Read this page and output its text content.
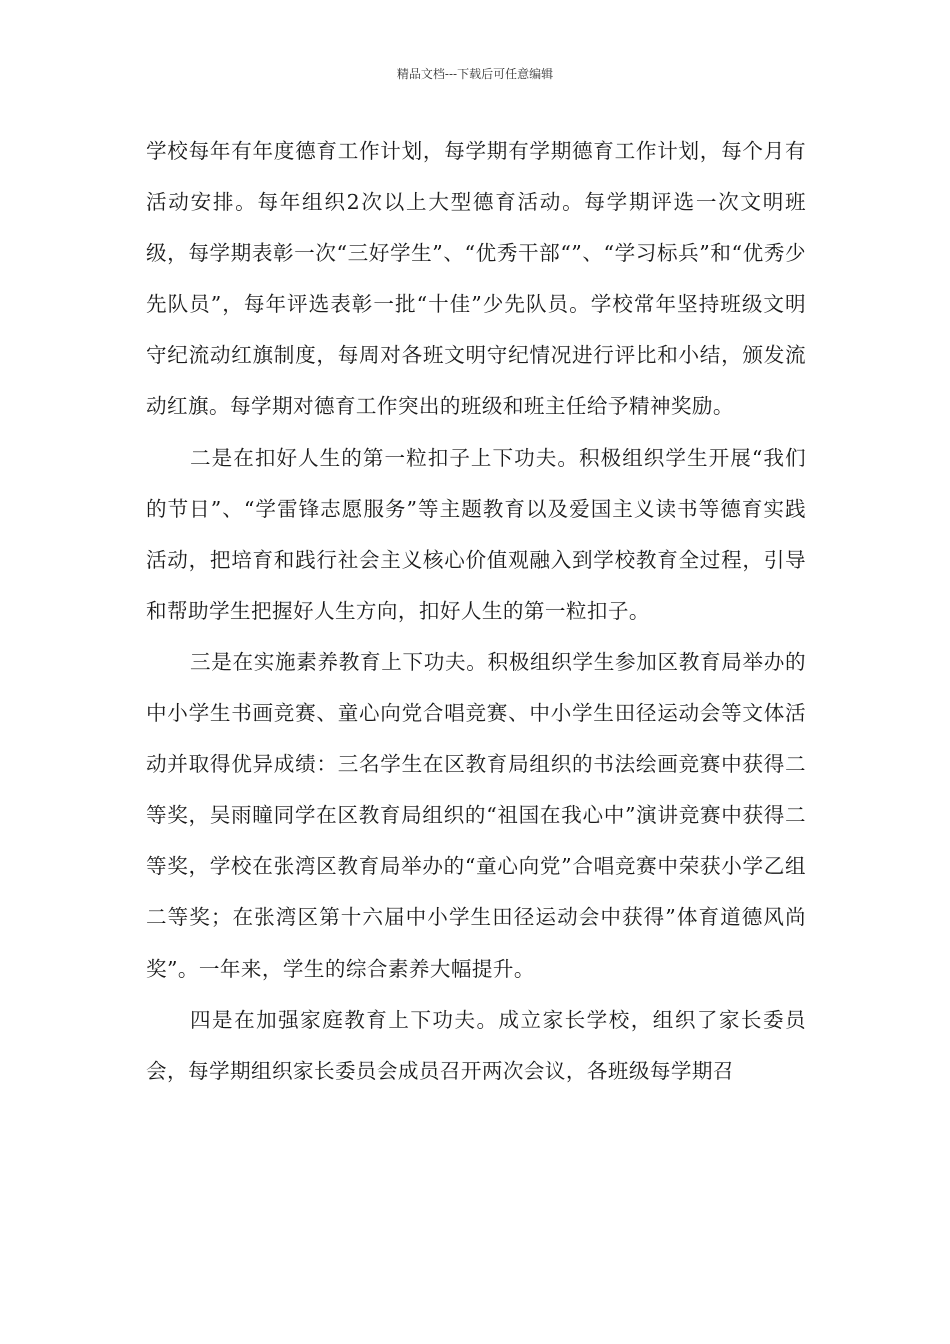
精品文档---下载后可任意编辑

学校每年有年度德育工作计划，每学期有学期德育工作计划，每个月有活动安排。每年组织2次以上大型德育活动。每学期评选一次文明班级，每学期表彰一次“三好学生”、“优秀干部“”、“学习标兵”和“优秀少先队员”，每年评选表彰一批“十佳”少先队员。学校常年坚持班级文明守纪流动红旗制度，每周对各班文明守纪情况进行评比和小结，颁发流动红旗。每学期对德育工作突出的班级和班主任给予精神奖励。

二是在扣好人生的第一粒扣子上下功夫。积极组织学生开展“我们的节日”、“学雷锋志愿服务”等主题教育以及爱国主义读书等德育实践活动，把培育和践行社会主义核心价值观融入到学校教育全过程，引导和帮助学生把握好人生方向，扣好人生的第一粒扣子。

三是在实施素养教育上下功夫。积极组织学生参加区教育局举办的中小学生书画竞赛、童心向党合唱竞赛、中小学生田径运动会等文体活动并取得优异成绩：三名学生在区教育局组织的书法绘画竞赛中获得二等奖，吴雨瞳同学在区教育局组织的“祖国在我心中”演讲竞赛中获得二等奖，学校在张湾区教育局举办的“童心向党”合唱竞赛中荣获小学乙组二等奖；在张湾区第十六届中小学生田径运动会中获得”体育道德风尚奖”。一年来，学生的综合素养大幅提升。

四是在加强家庭教育上下功夫。成立家长学校，组织了家长委员会，每学期组织家长委员会成员召开两次会议，各班级每学期召
